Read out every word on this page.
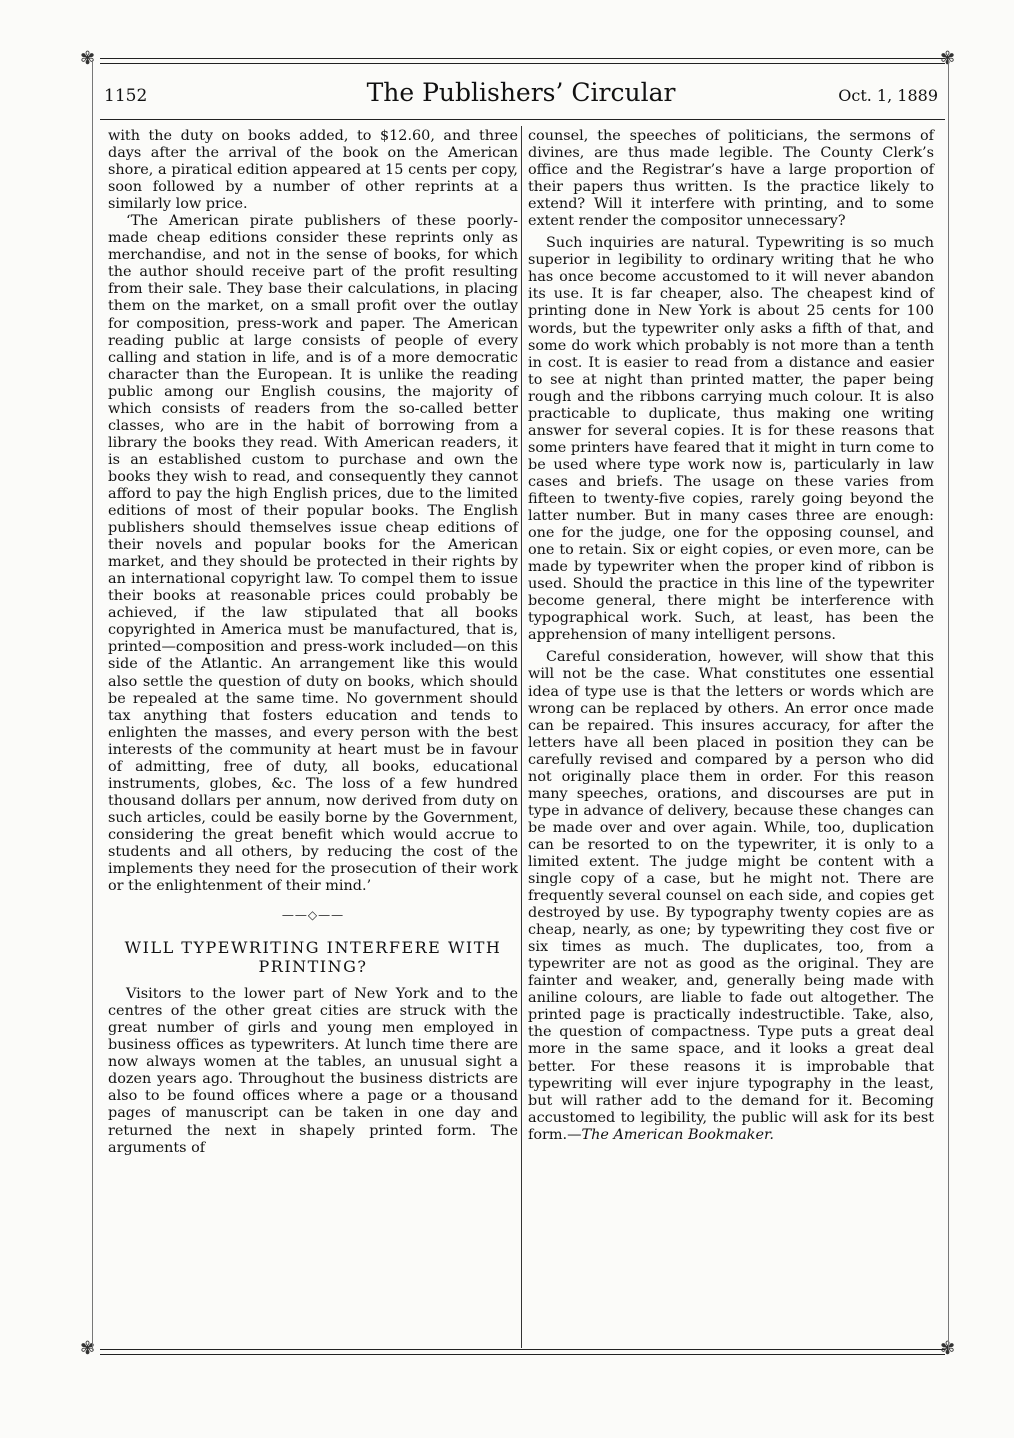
✾	✾
✾	✾
1152	The Publishers’ Circular	Oct. 1, 1889

with the duty on books added, to $12.60, and three days after the arrival of the book on the American shore, a piratical edition appeared at 15 cents per copy, soon followed by a number of other reprints at a similarly low price.

‘The American pirate publishers of these poorly-made cheap editions consider these reprints only as merchandise, and not in the sense of books, for which the author should receive part of the profit resulting from their sale. They base their calculations, in placing them on the market, on a small profit over the outlay for composition, press-work and paper. The American reading public at large consists of people of every calling and station in life, and is of a more democratic character than the European. It is unlike the reading public among our English cousins, the majority of which consists of readers from the so-called better classes, who are in the habit of borrowing from a library the books they read. With American readers, it is an established custom to purchase and own the books they wish to read, and consequently they cannot afford to pay the high English prices, due to the limited editions of most of their popular books. The English publishers should themselves issue cheap editions of their novels and popular books for the American market, and they should be protected in their rights by an international copyright law. To compel them to issue their books at reasonable prices could probably be achieved, if the law stipulated that all books copyrighted in America must be manufactured, that is, printed—composition and press-work included—on this side of the Atlantic. An arrangement like this would also settle the question of duty on books, which should be repealed at the same time. No government should tax anything that fosters education and tends to enlighten the masses, and every person with the best interests of the community at heart must be in favour of admitting, free of duty, all books, educational instruments, globes, &c. The loss of a few hundred thousand dollars per annum, now derived from duty on such articles, could be easily borne by the Government, considering the great benefit which would accrue to students and all others, by reducing the cost of the implements they need for the prosecution of their work or the enlightenment of their mind.’

——◇——
WILL TYPEWRITING INTERFERE WITH PRINTING?

Visitors to the lower part of New York and to the centres of the other great cities are struck with the great number of girls and young men employed in business offices as typewriters. At lunch time there are now always women at the tables, an unusual sight a dozen years ago. Throughout the business districts are also to be found offices where a page or a thousand pages of manuscript can be taken in one day and returned the next in shapely printed form. The arguments of

counsel, the speeches of politicians, the sermons of divines, are thus made legible. The County Clerk’s office and the Registrar’s have a large proportion of their papers thus written. Is the practice likely to extend? Will it interfere with printing, and to some extent render the compositor unnecessary?

Such inquiries are natural. Typewriting is so much superior in legibility to ordinary writing that he who has once become accustomed to it will never abandon its use. It is far cheaper, also. The cheapest kind of printing done in New York is about 25 cents for 100 words, but the typewriter only asks a fifth of that, and some do work which probably is not more than a tenth in cost. It is easier to read from a distance and easier to see at night than printed matter, the paper being rough and the ribbons carrying much colour. It is also practicable to duplicate, thus making one writing answer for several copies. It is for these reasons that some printers have feared that it might in turn come to be used where type work now is, particularly in law cases and briefs. The usage on these varies from fifteen to twenty-five copies, rarely going beyond the latter number. But in many cases three are enough: one for the judge, one for the opposing counsel, and one to retain. Six or eight copies, or even more, can be made by typewriter when the proper kind of ribbon is used. Should the practice in this line of the typewriter become general, there might be interference with typographical work. Such, at least, has been the apprehension of many intelligent persons.

Careful consideration, however, will show that this will not be the case. What constitutes one essential idea of type use is that the letters or words which are wrong can be replaced by others. An error once made can be repaired. This insures accuracy, for after the letters have all been placed in position they can be carefully revised and compared by a person who did not originally place them in order. For this reason many speeches, orations, and discourses are put in type in advance of delivery, because these changes can be made over and over again. While, too, duplication can be resorted to on the typewriter, it is only to a limited extent. The judge might be content with a single copy of a case, but he might not. There are frequently several counsel on each side, and copies get destroyed by use. By typography twenty copies are as cheap, nearly, as one; by typewriting they cost five or six times as much. The duplicates, too, from a typewriter are not as good as the original. They are fainter and weaker, and, generally being made with aniline colours, are liable to fade out altogether. The printed page is practically indestructible. Take, also, the question of compactness. Type puts a great deal more in the same space, and it looks a great deal better. For these reasons it is improbable that typewriting will ever injure typography in the least, but will rather add to the demand for it. Becoming accustomed to legibility, the public will ask for its best form.—The American Bookmaker.
